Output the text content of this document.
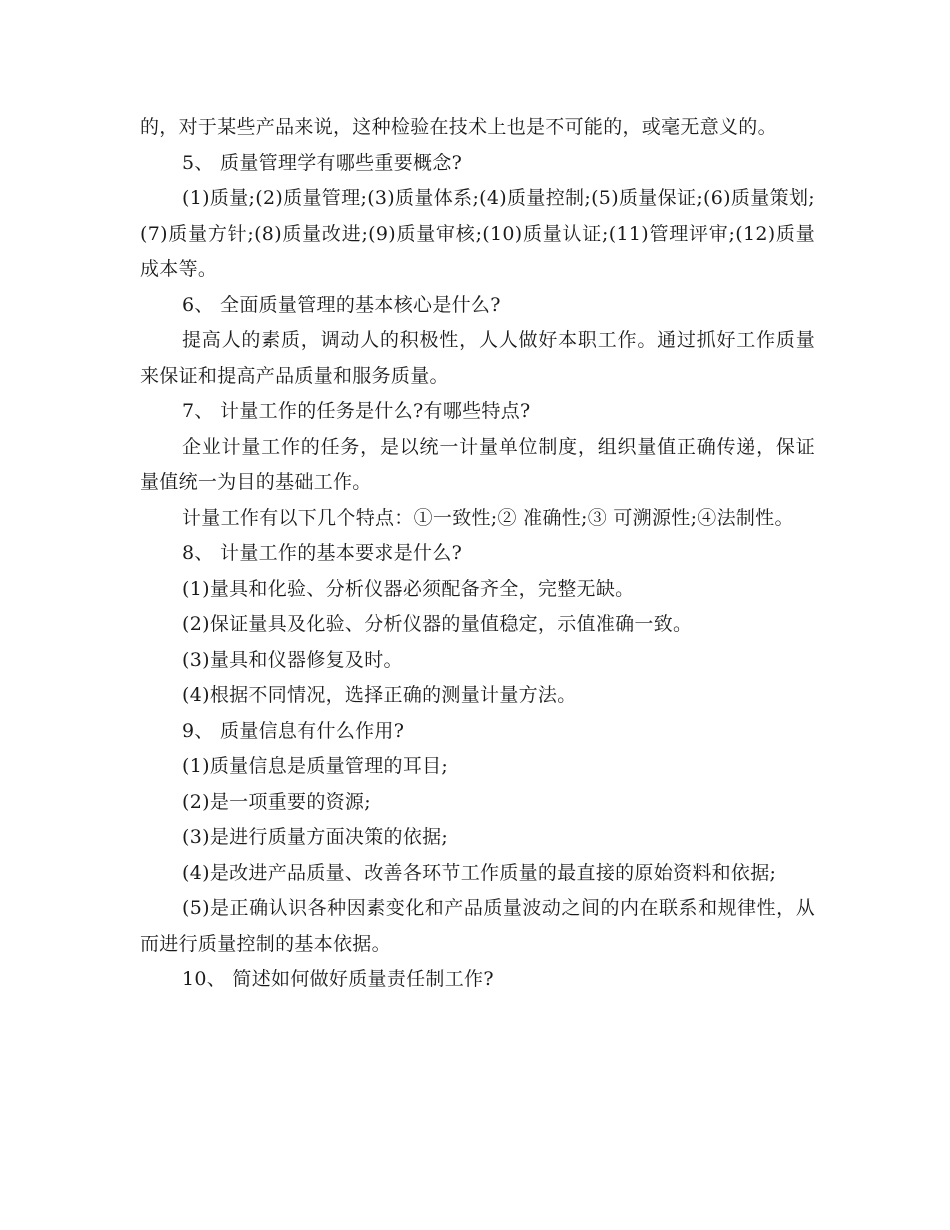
的，对于某些产品来说，这种检验在技术上也是不可能的，或毫无意义的。

5、 质量管理学有哪些重要概念?

(1)质量;(2)质量管理;(3)质量体系;(4)质量控制;(5)质量保证;(6)质量策划;(7)质量方针;(8)质量改进;(9)质量审核;(10)质量认证;(11)管理评审;(12)质量成本等。

6、 全面质量管理的基本核心是什么?

提高人的素质，调动人的积极性，人人做好本职工作。通过抓好工作质量来保证和提高产品质量和服务质量。

7、 计量工作的任务是什么?有哪些特点?

企业计量工作的任务，是以统一计量单位制度，组织量值正确传递，保证量值统一为目的基础工作。

计量工作有以下几个特点：①一致性;② 准确性;③ 可溯源性;④法制性。

8、 计量工作的基本要求是什么?

(1)量具和化验、分析仪器必须配备齐全，完整无缺。

(2)保证量具及化验、分析仪器的量值稳定，示值准确一致。

(3)量具和仪器修复及时。

(4)根据不同情况，选择正确的测量计量方法。

9、 质量信息有什么作用?

(1)质量信息是质量管理的耳目;

(2)是一项重要的资源;

(3)是进行质量方面决策的依据;

(4)是改进产品质量、改善各环节工作质量的最直接的原始资料和依据;

(5)是正确认识各种因素变化和产品质量波动之间的内在联系和规律性，从而进行质量控制的基本依据。

10、 简述如何做好质量责任制工作?
